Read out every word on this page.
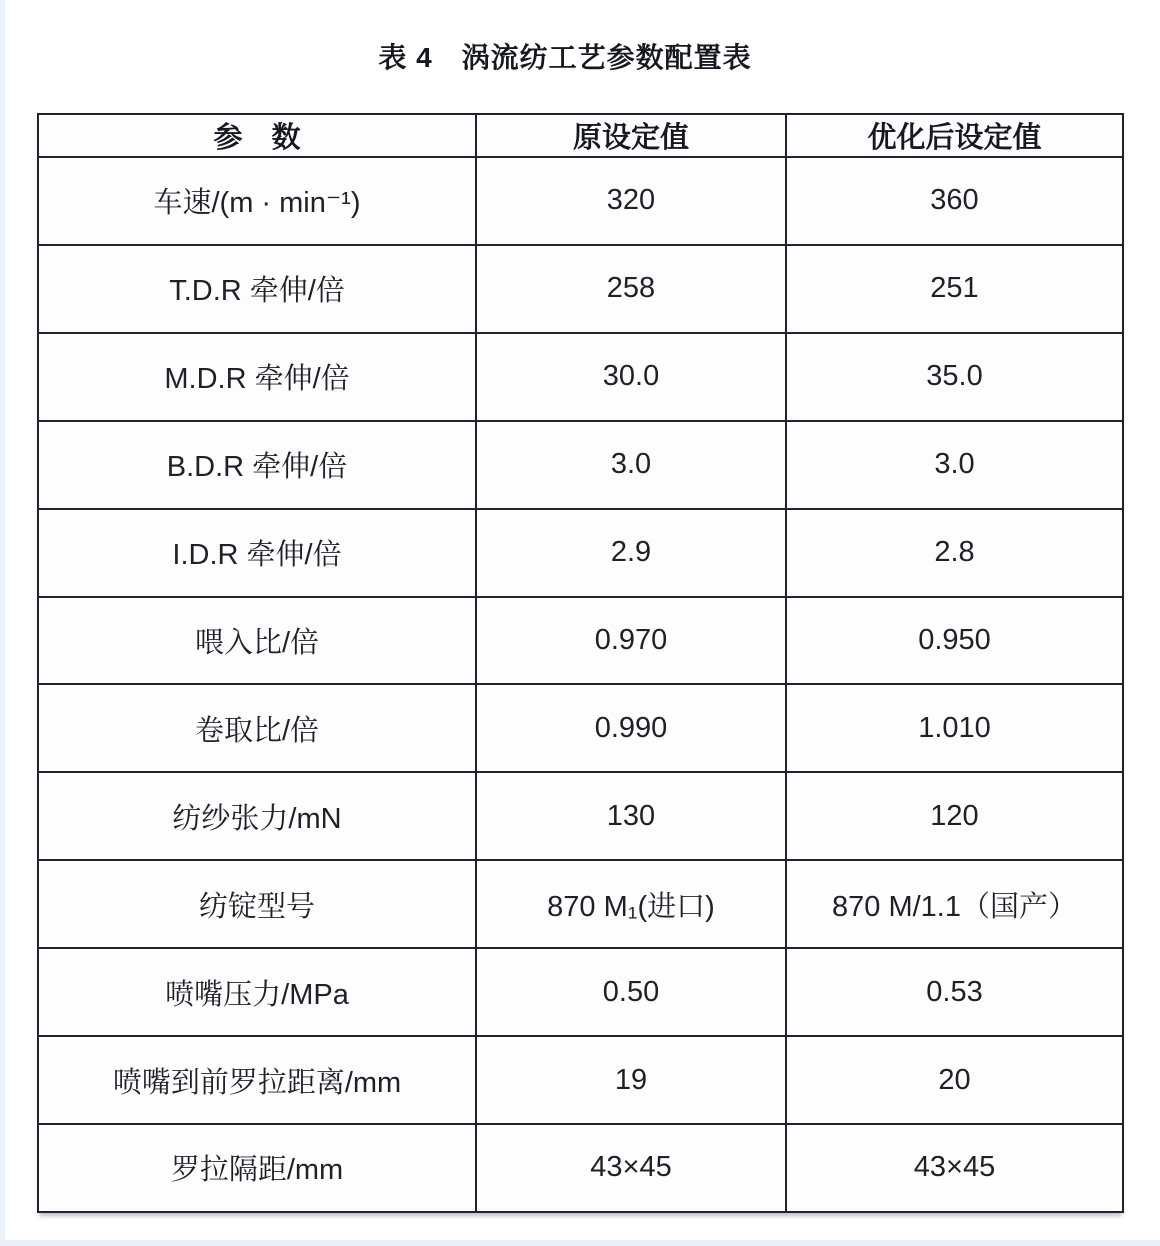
表 4　涡流纺工艺参数配置表
参　数	原设定值	优化后设定值
车速/(m · min⁻¹)	320	360
T.D.R 牵伸/倍	258	251
M.D.R 牵伸/倍	30.0	35.0
B.D.R 牵伸/倍	3.0	3.0
I.D.R 牵伸/倍	2.9	2.8
喂入比/倍	0.970	0.950
卷取比/倍	0.990	1.010
纺纱张力/mN	130	120
纺锭型号	870 M₁(进口)	870 M/1.1（国产）
喷嘴压力/MPa	0.50	0.53
喷嘴到前罗拉距离/mm	19	20
罗拉隔距/mm	43×45	43×45
